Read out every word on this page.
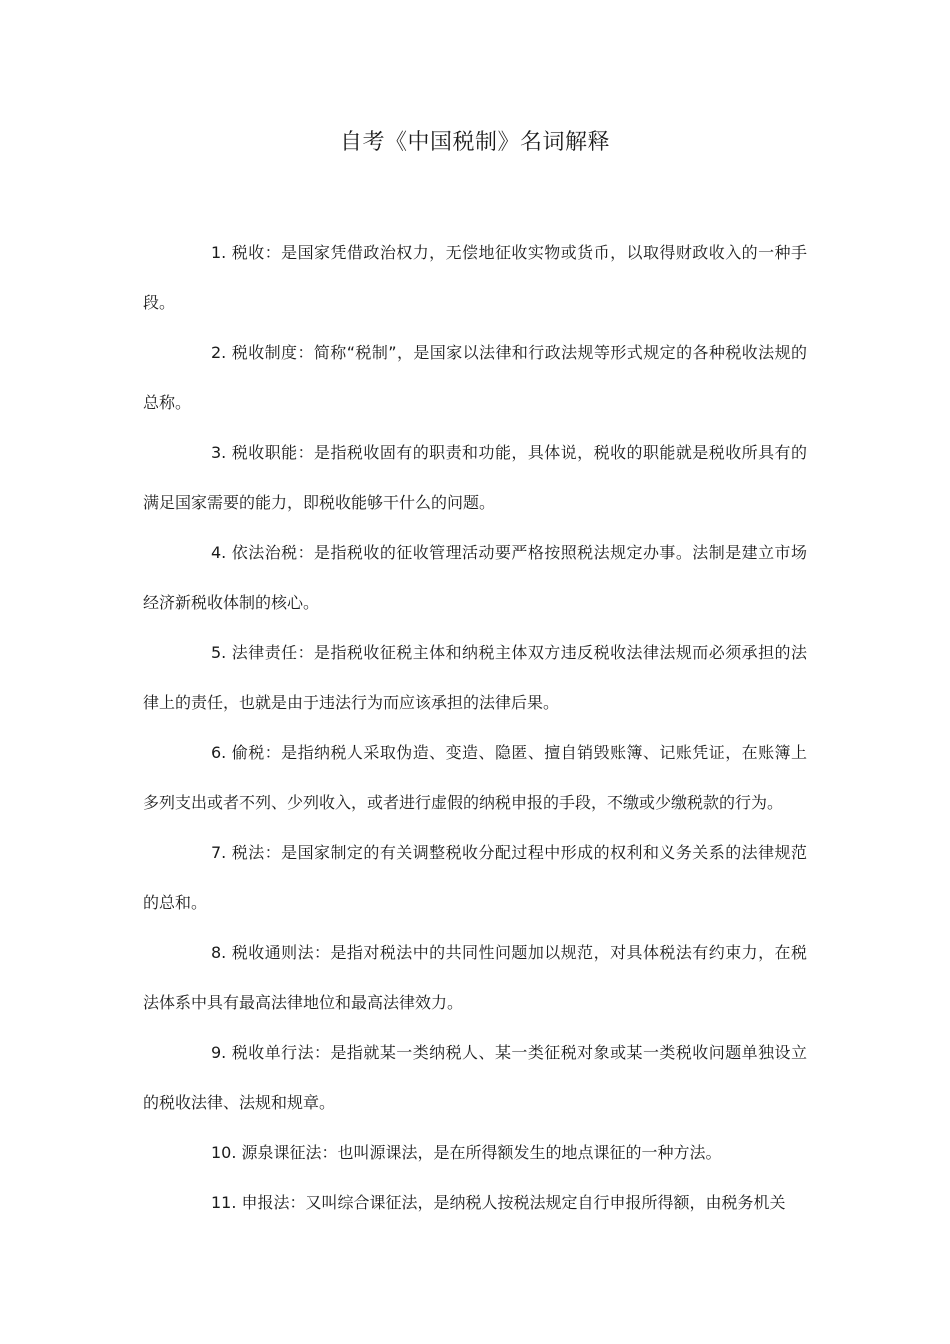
自考《中国税制》名词解释

1. 税收：是国家凭借政治权力，无偿地征收实物或货币，以取得财政收入的一种手段。

2. 税收制度：简称“税制”，是国家以法律和行政法规等形式规定的各种税收法规的总称。

3. 税收职能：是指税收固有的职责和功能，具体说，税收的职能就是税收所具有的满足国家需要的能力，即税收能够干什么的问题。

4. 依法治税：是指税收的征收管理活动要严格按照税法规定办事。法制是建立市场经济新税收体制的核心。

5. 法律责任：是指税收征税主体和纳税主体双方违反税收法律法规而必须承担的法律上的责任，也就是由于违法行为而应该承担的法律后果。

6. 偷税：是指纳税人采取伪造、变造、隐匿、擅自销毁账簿、记账凭证，在账簿上多列支出或者不列、少列收入，或者进行虚假的纳税申报的手段，不缴或少缴税款的行为。

7. 税法：是国家制定的有关调整税收分配过程中形成的权利和义务关系的法律规范的总和。

8. 税收通则法：是指对税法中的共同性问题加以规范，对具体税法有约束力，在税法体系中具有最高法律地位和最高法律效力。

9. 税收单行法：是指就某一类纳税人、某一类征税对象或某一类税收问题单独设立的税收法律、法规和规章。

10. 源泉课征法：也叫源课法，是在所得额发生的地点课征的一种方法。

11. 申报法：又叫综合课征法，是纳税人按税法规定自行申报所得额，由税务机关
